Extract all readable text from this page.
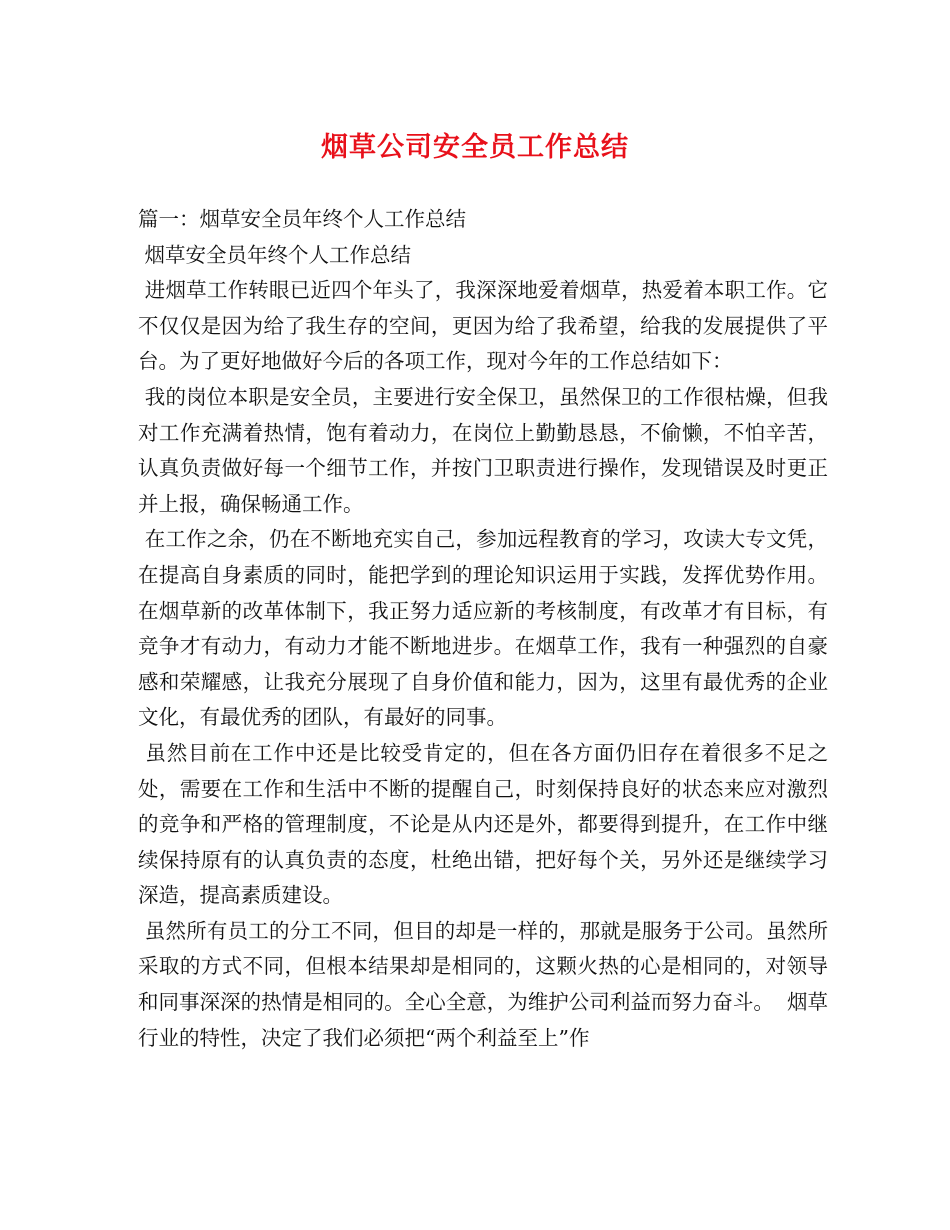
烟草公司安全员工作总结

篇一：烟草安全员年终个人工作总结

烟草安全员年终个人工作总结

进烟草工作转眼已近四个年头了，我深深地爱着烟草，热爱着本职工作。它不仅仅是因为给了我生存的空间，更因为给了我希望，给我的发展提供了平台。为了更好地做好今后的各项工作，现对今年的工作总结如下：

我的岗位本职是安全员，主要进行安全保卫，虽然保卫的工作很枯燥，但我对工作充满着热情，饱有着动力，在岗位上勤勤恳恳，不偷懒，不怕辛苦，认真负责做好每一个细节工作，并按门卫职责进行操作，发现错误及时更正并上报，确保畅通工作。

在工作之余，仍在不断地充实自己，参加远程教育的学习，攻读大专文凭，在提高自身素质的同时，能把学到的理论知识运用于实践，发挥优势作用。在烟草新的改革体制下，我正努力适应新的考核制度，有改革才有目标，有竞争才有动力，有动力才能不断地进步。在烟草工作，我有一种强烈的自豪感和荣耀感，让我充分展现了自身价值和能力，因为，这里有最优秀的企业文化，有最优秀的团队，有最好的同事。

虽然目前在工作中还是比较受肯定的，但在各方面仍旧存在着很多不足之处，需要在工作和生活中不断的提醒自己，时刻保持良好的状态来应对激烈的竞争和严格的管理制度，不论是从内还是外，都要得到提升，在工作中继续保持原有的认真负责的态度，杜绝出错，把好每个关，另外还是继续学习深造，提高素质建设。

虽然所有员工的分工不同，但目的却是一样的，那就是服务于公司。虽然所采取的方式不同，但根本结果却是相同的，这颗火热的心是相同的，对领导和同事深深的热情是相同的。全心全意，为维护公司利益而努力奋斗。  烟草行业的特性，决定了我们必须把“两个利益至上”作
